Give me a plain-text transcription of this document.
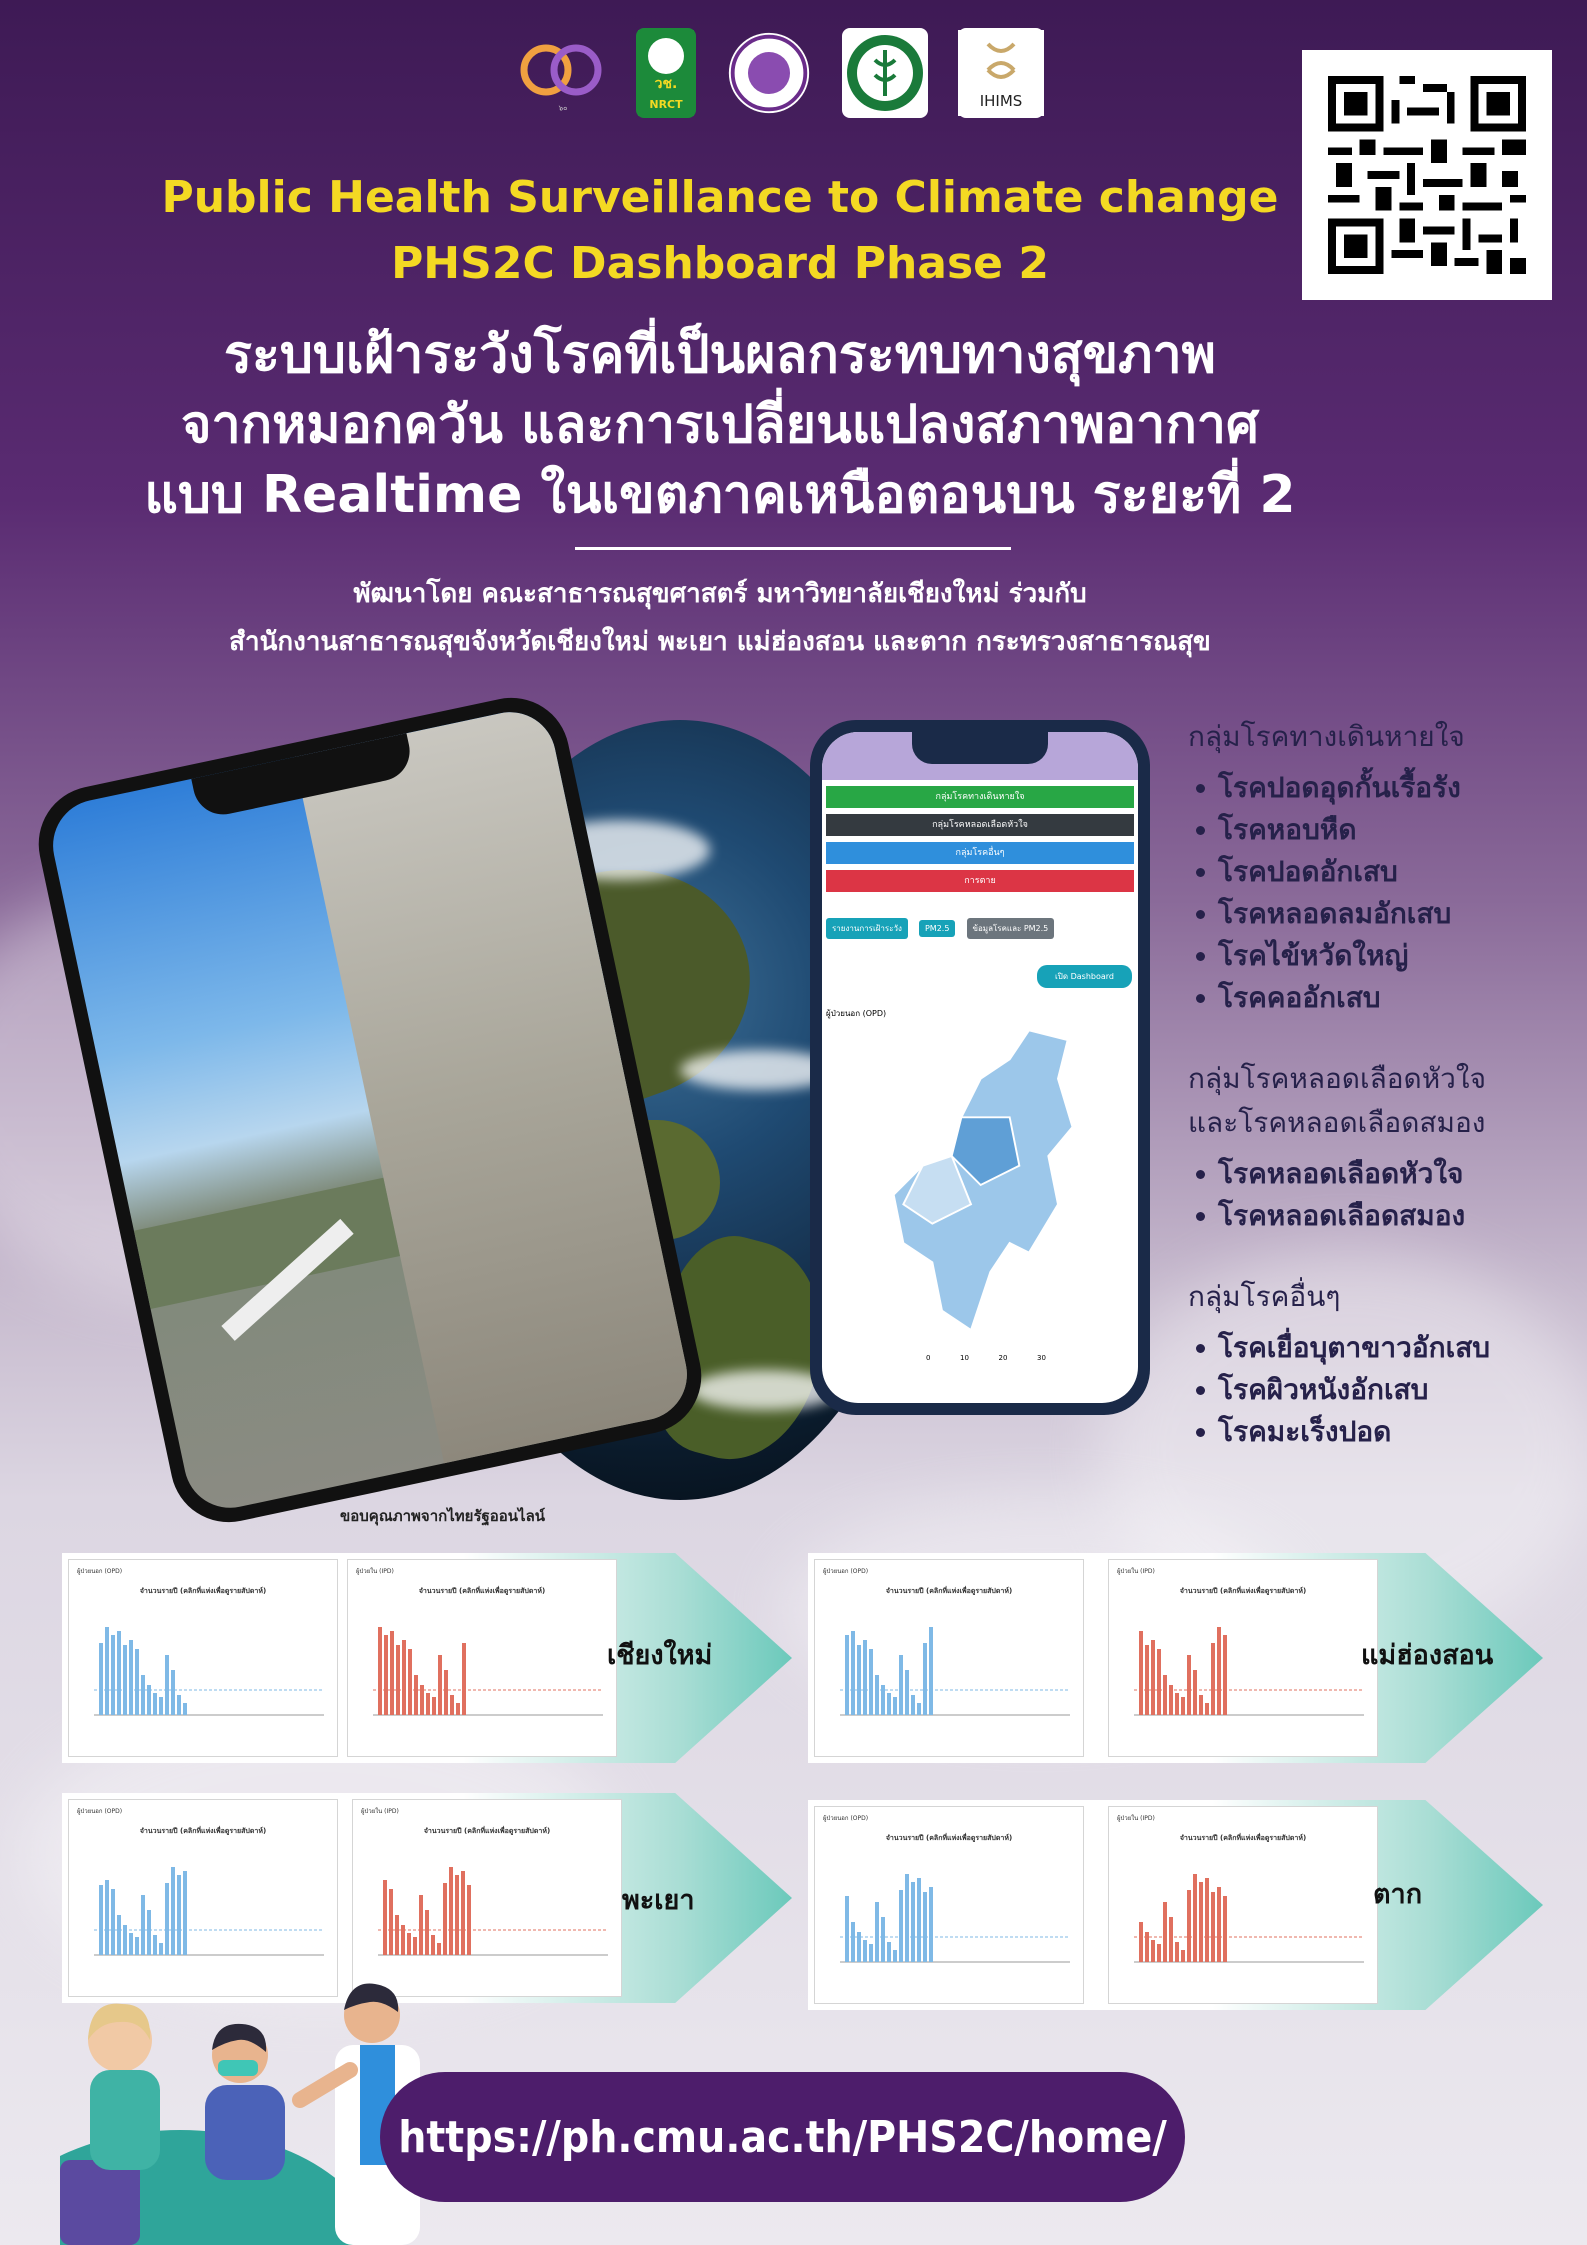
๖๐
วช.
NRCT	IHIMS
Public Health Surveillance to Climate change
PHS2C Dashboard Phase 2
ระบบเฝ้าระวังโรคที่เป็นผลกระทบทางสุขภาพ
จากหมอกควัน และการเปลี่ยนแปลงสภาพอากาศ
แบบ Realtime ในเขตภาคเหนือตอนบน ระยะที่ 2
พัฒนาโดย คณะสาธารณสุขศาสตร์ มหาวิทยาลัยเชียงใหม่ ร่วมกับ
สำนักงานสาธารณสุขจังหวัดเชียงใหม่ พะเยา แม่ฮ่องสอน และตาก กระทรวงสาธารณสุข
กลุ่มโรคทางเดินหายใจ
กลุ่มโรคหลอดเลือดหัวใจ
กลุ่มโรคอื่นๆ
การตาย
รายงานการเฝ้าระวัง	PM2.5	ข้อมูลโรคและ PM2.5
เปิด Dashboard
ผู้ป่วยนอก (OPD)
0	10	20	30
ขอบคุณภาพจากไทยรัฐออนไลน์
กลุ่มโรคทางเดินหายใจ
โรคปอดอุดกั้นเรื้อรัง
โรคหอบหืด
โรคปอดอักเสบ
โรคหลอดลมอักเสบ
โรคไข้หวัดใหญ่
โรคคออักเสบ
กลุ่มโรคหลอดเลือดหัวใจ
และโรคหลอดเลือดสมอง
โรคหลอดเลือดหัวใจ
โรคหลอดเลือดสมอง
กลุ่มโรคอื่นๆ
โรคเยื่อบุตาขาวอักเสบ
โรคผิวหนังอักเสบ
โรคมะเร็งปอด
ผู้ป่วยนอก (OPD)
จำนวนรายปี (คลิกที่แห่งเพื่อดูรายสัปดาห์)
ผู้ป่วยใน (IPD)
จำนวนรายปี (คลิกที่แห่งเพื่อดูรายสัปดาห์)
เชียงใหม่
ผู้ป่วยนอก (OPD)
จำนวนรายปี (คลิกที่แห่งเพื่อดูรายสัปดาห์)
ผู้ป่วยใน (IPD)
จำนวนรายปี (คลิกที่แห่งเพื่อดูรายสัปดาห์)
แม่ฮ่องสอน
ผู้ป่วยนอก (OPD)
จำนวนรายปี (คลิกที่แห่งเพื่อดูรายสัปดาห์)
ผู้ป่วยใน (IPD)
จำนวนรายปี (คลิกที่แห่งเพื่อดูรายสัปดาห์)
พะเยา
ผู้ป่วยนอก (OPD)
จำนวนรายปี (คลิกที่แห่งเพื่อดูรายสัปดาห์)
ผู้ป่วยใน (IPD)
จำนวนรายปี (คลิกที่แห่งเพื่อดูรายสัปดาห์)
ตาก
https://ph.cmu.ac.th/PHS2C/home/
